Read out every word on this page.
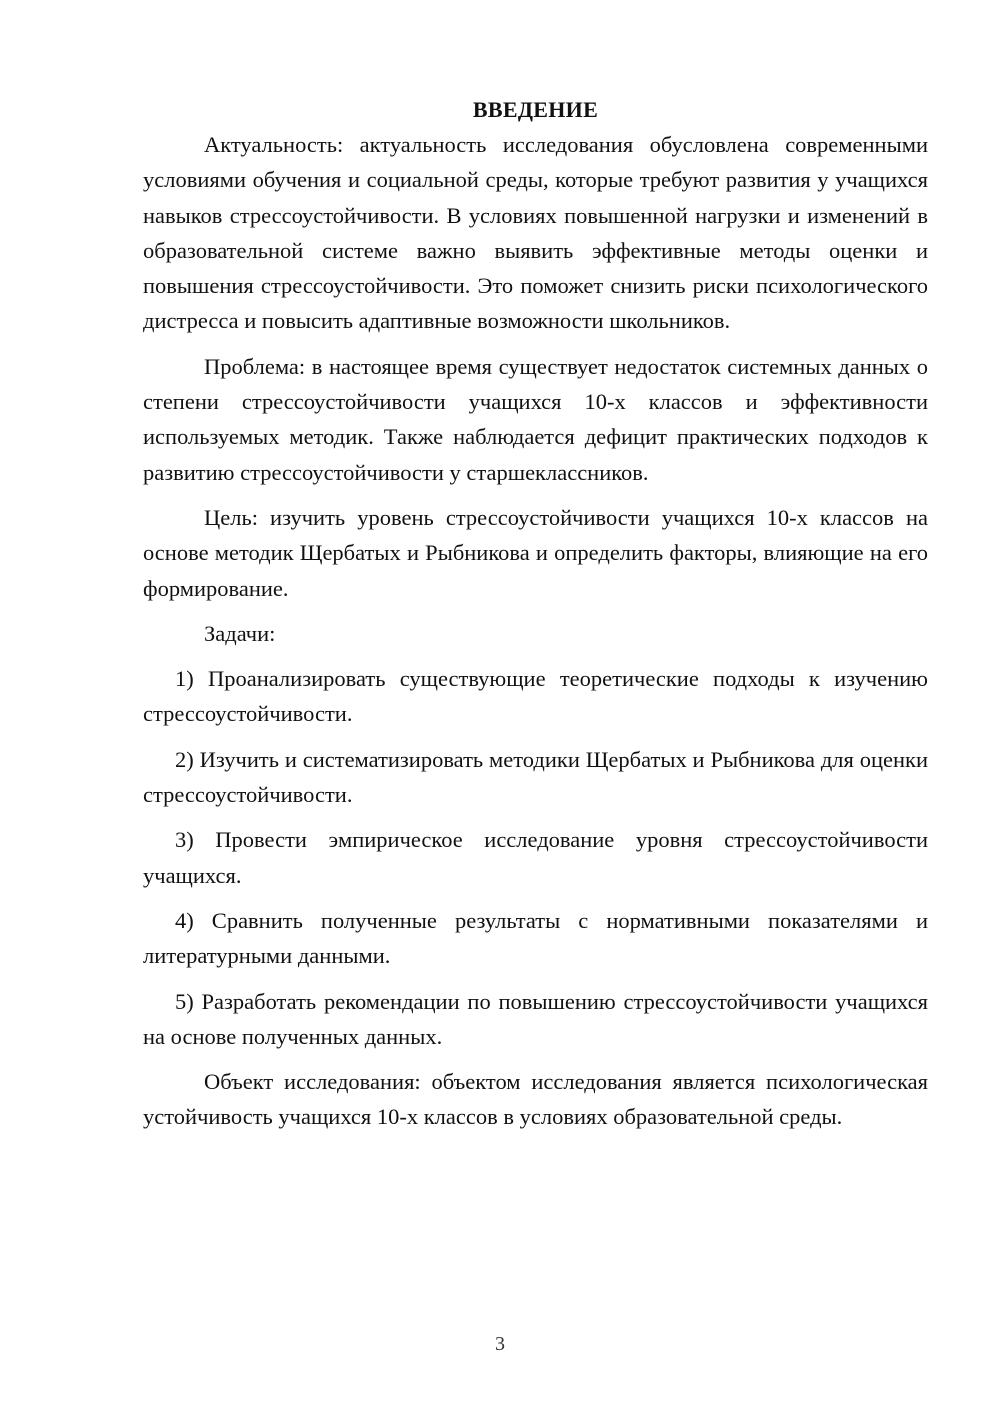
ВВЕДЕНИЕ

Актуальность: актуальность исследования обусловлена современными условиями обучения и социальной среды, которые требуют развития у учащихся навыков стрессоустойчивости. В условиях повышенной нагрузки и изменений в образовательной системе важно выявить эффективные методы оценки и повышения стрессоустойчивости. Это поможет снизить риски психологического дистресса и повысить адаптивные возможности школьников.

Проблема: в настоящее время существует недостаток системных данных о степени стрессоустойчивости учащихся 10-х классов и эффективности используемых методик. Также наблюдается дефицит практических подходов к развитию стрессоустойчивости у старшеклассников.

Цель: изучить уровень стрессоустойчивости учащихся 10-х классов на основе методик Щербатых и Рыбникова и определить факторы, влияющие на его формирование.

Задачи:

1) Проанализировать существующие теоретические подходы к изучению стрессоустойчивости.

2) Изучить и систематизировать методики Щербатых и Рыбникова для оценки стрессоустойчивости.

3) Провести эмпирическое исследование уровня стрессоустойчивости учащихся.

4) Сравнить полученные результаты с нормативными показателями и литературными данными.

5) Разработать рекомендации по повышению стрессоустойчивости учащихся на основе полученных данных.

Объект исследования: объектом исследования является психологическая устойчивость учащихся 10-х классов в условиях образовательной среды.

3
